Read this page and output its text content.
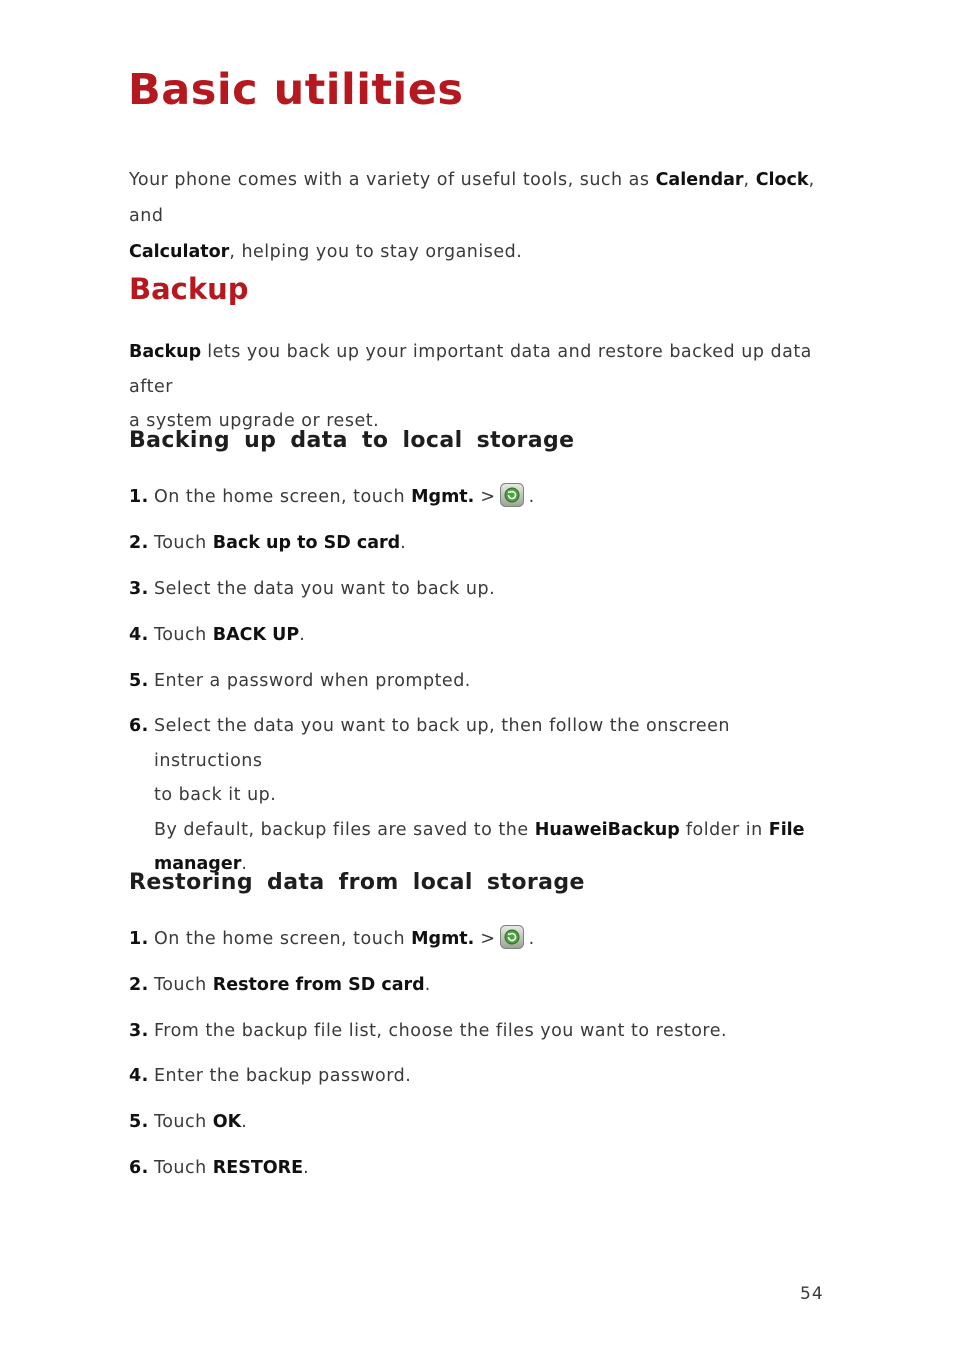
Basic utilities
Your phone comes with a variety of useful tools, such as Calendar, Clock, and
Calculator, helping you to stay organised.
Backup
Backup lets you back up your important data and restore backed up data after
a system upgrade or reset.
Backing up data to local storage
1. On the home screen, touch Mgmt. > .
2. Touch Back up to SD card.
3. Select the data you want to back up.
4. Touch BACK UP.
5. Enter a password when prompted.
6. Select the data you want to back up, then follow the onscreen instructions
to back it up.
By default, backup files are saved to the HuaweiBackup folder in File
manager.
Restoring data from local storage
1. On the home screen, touch Mgmt. > .
2. Touch Restore from SD card.
3. From the backup file list, choose the files you want to restore.
4. Enter the backup password.
5. Touch OK.
6. Touch RESTORE.
54
